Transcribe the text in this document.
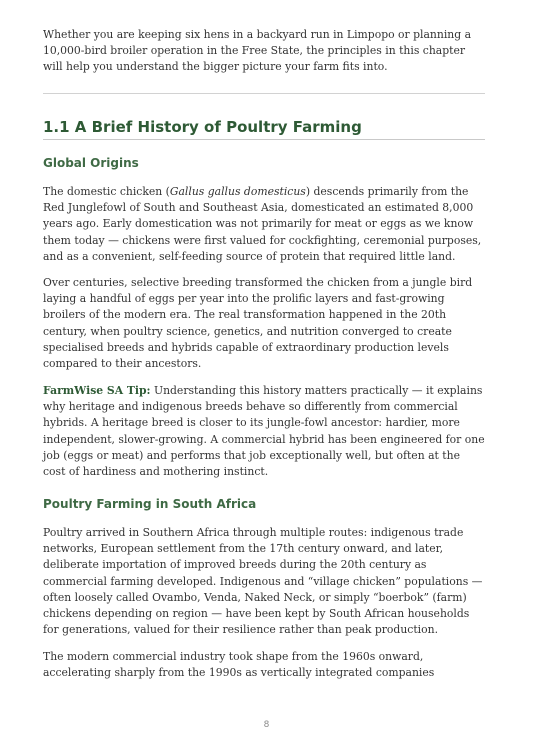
Whether you are keeping six hens in a backyard run in Limpopo or planning a 10,000-bird broiler operation in the Free State, the principles in this chapter will help you understand the bigger picture your farm fits into.

1.1 A Brief History of Poultry Farming
Global Origins

The domestic chicken (Gallus gallus domesticus) descends primarily from the Red Junglefowl of South and Southeast Asia, domesticated an estimated 8,000 years ago. Early domestication was not primarily for meat or eggs as we know them today — chickens were first valued for cockfighting, ceremonial purposes, and as a convenient, self-feeding source of protein that required little land.

Over centuries, selective breeding transformed the chicken from a jungle bird laying a handful of eggs per year into the prolific layers and fast-growing broilers of the modern era. The real transformation happened in the 20th century, when poultry science, genetics, and nutrition converged to create specialised breeds and hybrids capable of extraordinary production levels compared to their ancestors.

FarmWise SA Tip: Understanding this history matters practically — it explains why heritage and indigenous breeds behave so differently from commercial hybrids. A heritage breed is closer to its jungle-fowl ancestor: hardier, more independent, slower-growing. A commercial hybrid has been engineered for one job (eggs or meat) and performs that job exceptionally well, but often at the cost of hardiness and mothering instinct.

Poultry Farming in South Africa

Poultry arrived in Southern Africa through multiple routes: indigenous trade networks, European settlement from the 17th century onward, and later, deliberate importation of improved breeds during the 20th century as commercial farming developed. Indigenous and “village chicken” populations — often loosely called Ovambo, Venda, Naked Neck, or simply “boerbok” (farm) chickens depending on region — have been kept by South African households for generations, valued for their resilience rather than peak production.

The modern commercial industry took shape from the 1960s onward, accelerating sharply from the 1990s as vertically integrated companies

8
